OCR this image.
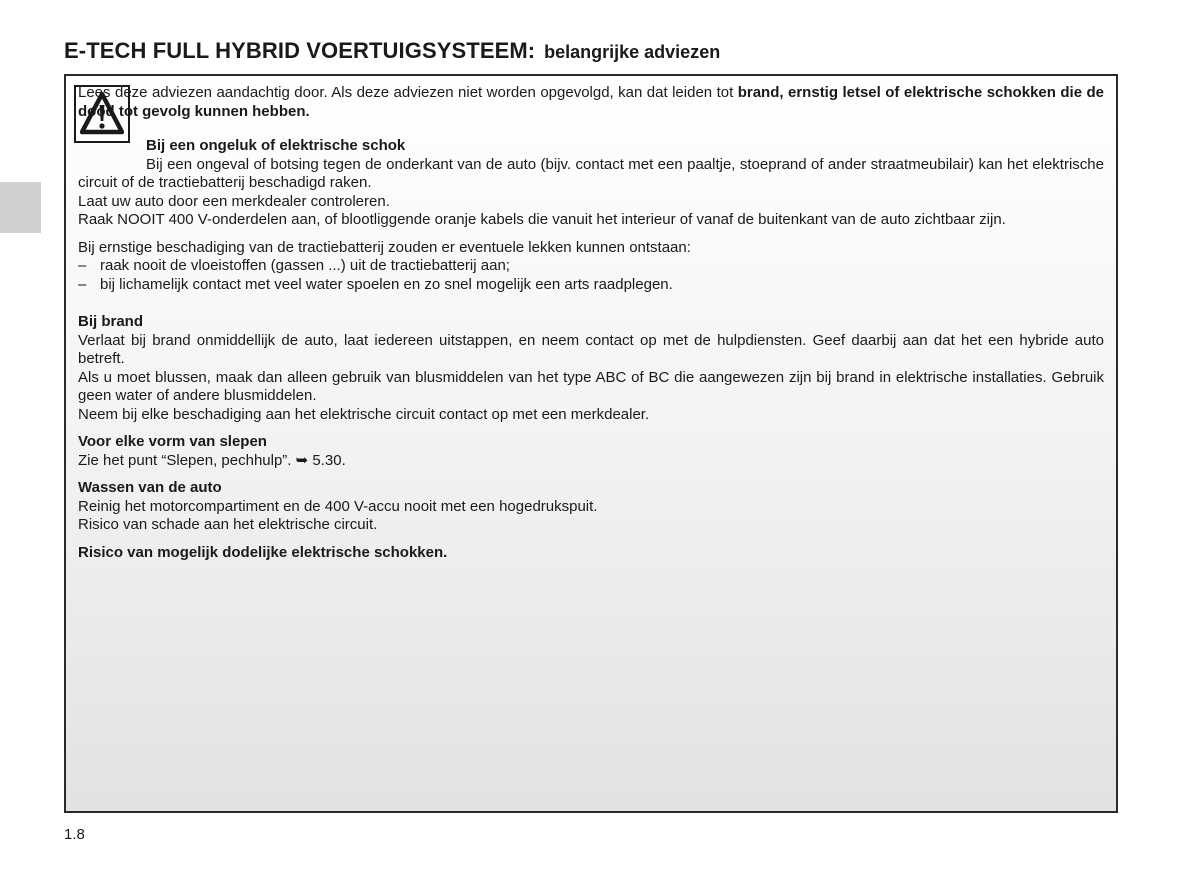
E-TECH FULL HYBRID VOERTUIGSYSTEEM: belangrijke adviezen

Lees deze adviezen aandachtig door. Als deze adviezen niet worden opgevolgd, kan dat leiden tot brand, ernstig letsel of elektrische schokken die de dood tot gevolg kunnen hebben.

Bij een ongeluk of elektrische schok

Bij een ongeval of botsing tegen de onderkant van de auto (bijv. contact met een paaltje, stoeprand of ander straatmeubilair) kan het elektrische circuit of de tractiebatterij beschadigd raken.

Laat uw auto door een merkdealer controleren.
Raak NOOIT 400 V-onderdelen aan, of blootliggende oranje kabels die vanuit het interieur of vanaf de buitenkant van de auto zichtbaar zijn.
Bij ernstige beschadiging van de tractiebatterij zouden er eventuele lekken kunnen ontstaan:
– raak nooit de vloeistoffen (gassen ...) uit de tractiebatterij aan;
– bij lichamelijk contact met veel water spoelen en zo snel mogelijk een arts raadplegen.
Bij brand
Verlaat bij brand onmiddellijk de auto, laat iedereen uitstappen, en neem contact op met de hulpdiensten. Geef daarbij aan dat het een hybride auto betreft.
Als u moet blussen, maak dan alleen gebruik van blusmiddelen van het type ABC of BC die aangewezen zijn bij brand in elektrische installaties. Gebruik geen water of andere blusmiddelen.
Neem bij elke beschadiging aan het elektrische circuit contact op met een merkdealer.
Voor elke vorm van slepen
Zie het punt “Slepen, pechhulp”. ➥ 5.30.
Wassen van de auto
Reinig het motorcompartiment en de 400 V-accu nooit met een hogedrukspuit.
Risico van schade aan het elektrische circuit.
Risico van mogelijk dodelijke elektrische schokken.
1.8
